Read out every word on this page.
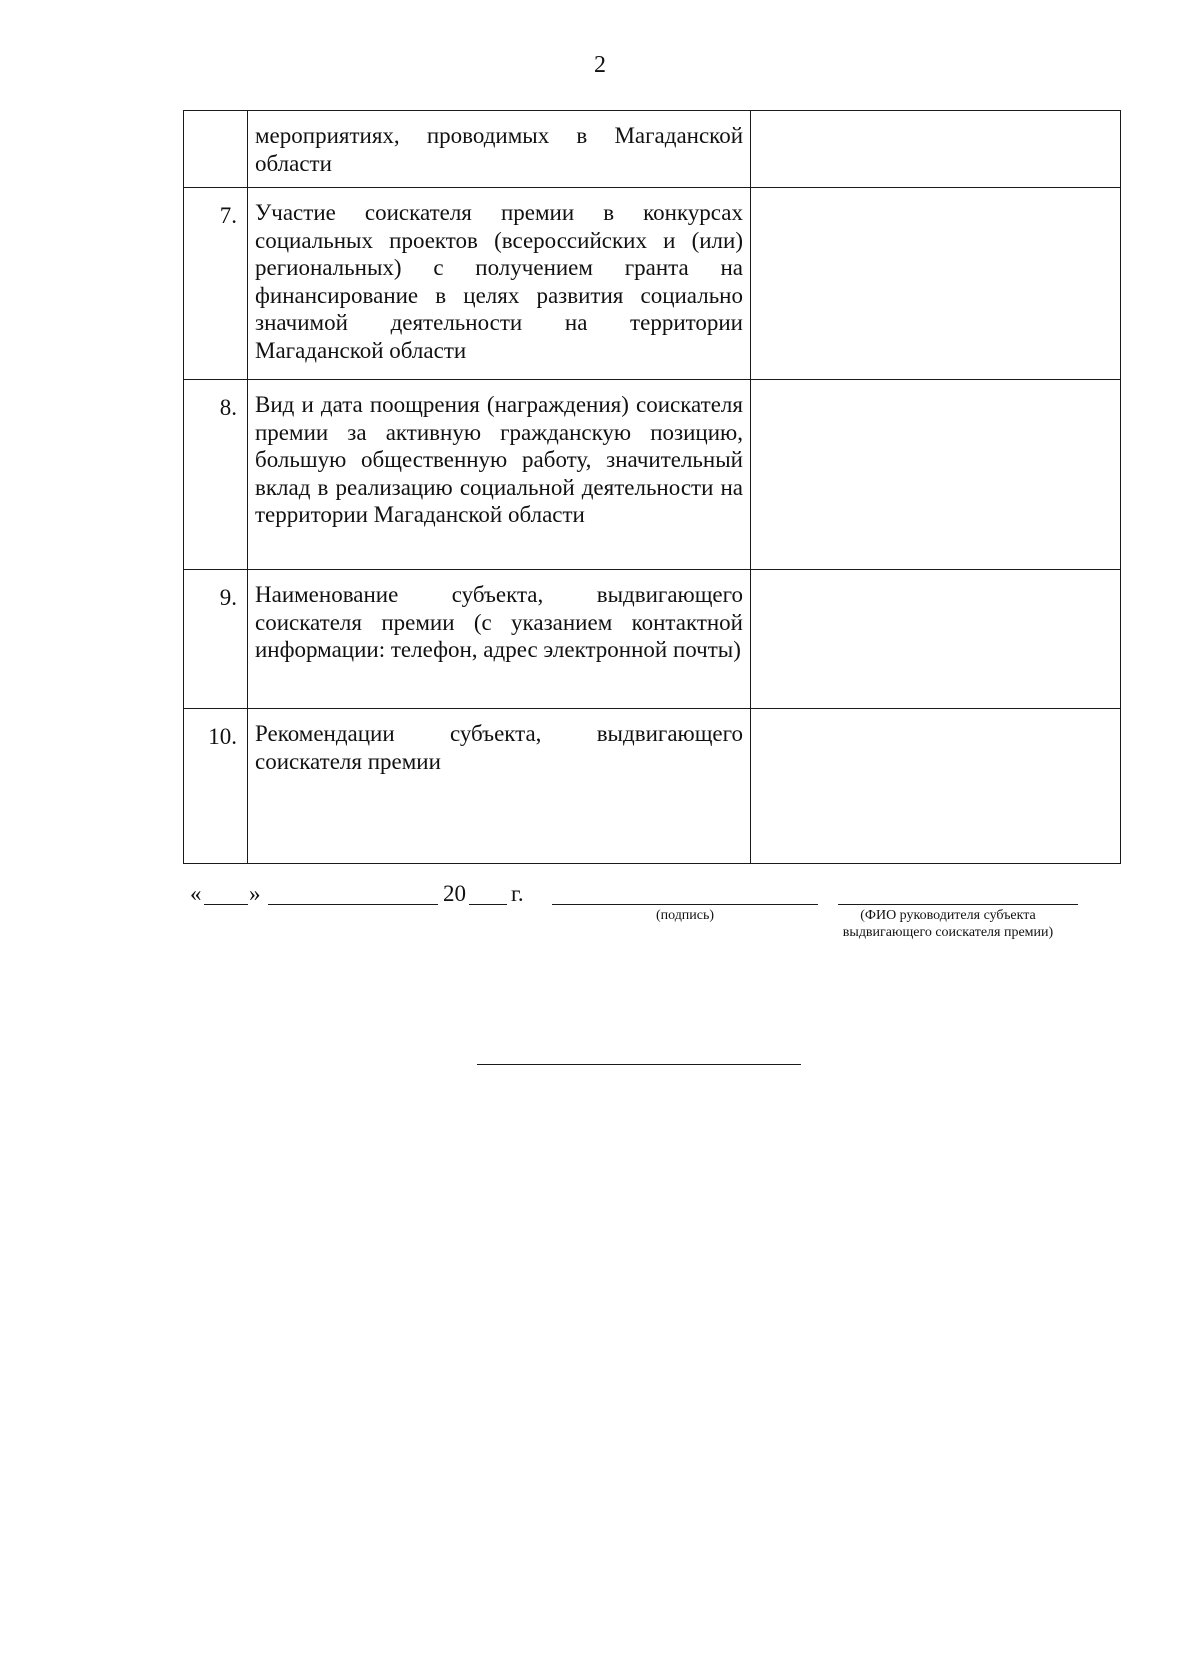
2
	мероприятиях, проводимых в Магаданской области	
7.	Участие соискателя премии в конкурсах социальных проектов (всероссийских и (или) региональных) с получением гранта на финансирование в целях развития социально значимой деятельности на территории Магаданской области	
8.	Вид и дата поощрения (награждения) соискателя премии за активную гражданскую позицию, большую общественную работу, значительный вклад в реализацию социальной деятельности на территории Магаданской области	
9.	Наименование субъекта, выдвигающего соискателя премии (с указанием контактной информации: телефон, адрес электронной почты)	
10.	Рекомендации субъекта, выдвигающего соискателя премии	
« »	20 г.
(подпись)	(ФИО руководителя субъекта
выдвигающего соискателя премии)
